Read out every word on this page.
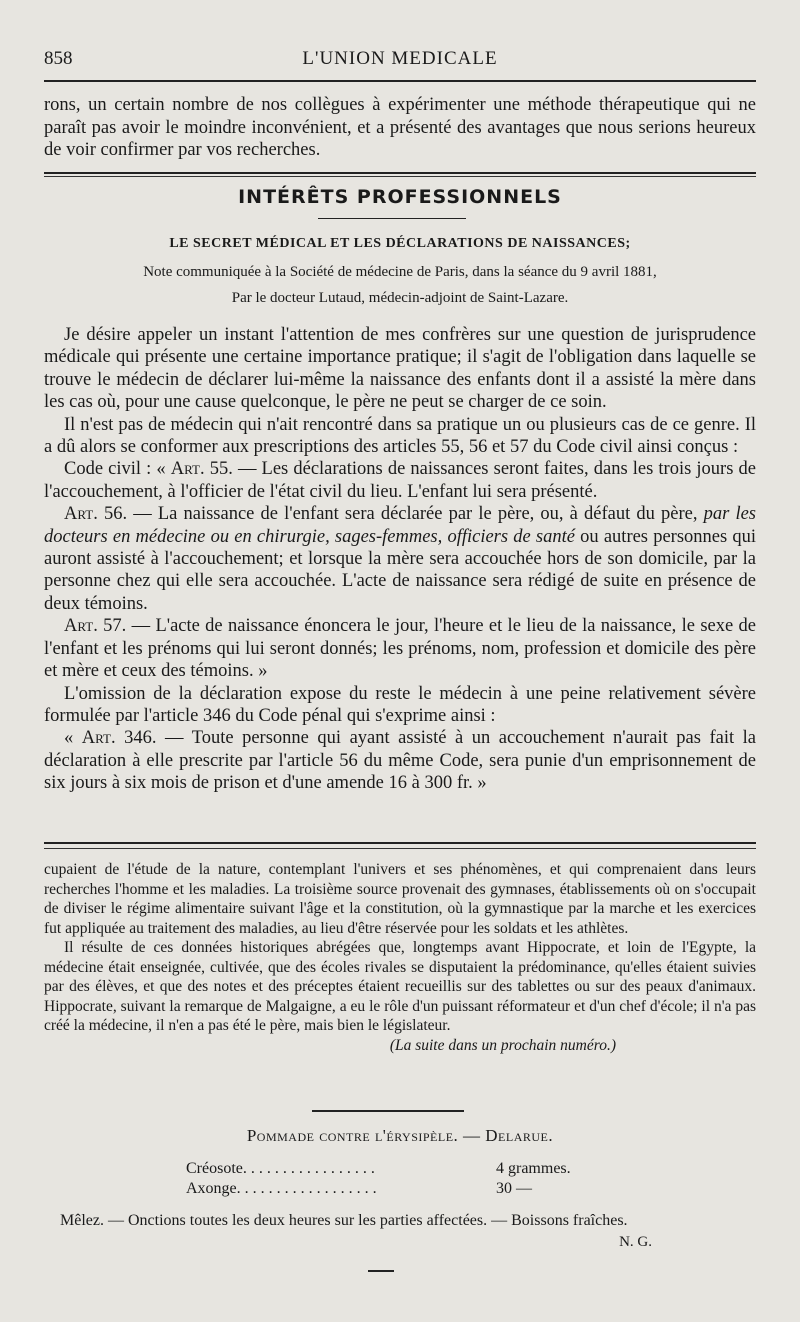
858	L'UNION MEDICALE
rons, un certain nombre de nos collègues à expérimenter une méthode thérapeutique qui ne paraît pas avoir le moindre inconvénient, et a présenté des avantages que nous serions heureux de voir confirmer par vos recherches.
INTÉRÊTS PROFESSIONNELS
LE SECRET MÉDICAL ET LES DÉCLARATIONS DE NAISSANCES;
Note communiquée à la Société de médecine de Paris, dans la séance du 9 avril 1881,
Par le docteur Lutaud, médecin-adjoint de Saint-Lazare.

Je désire appeler un instant l'attention de mes confrères sur une question de jurisprudence médicale qui présente une certaine importance pratique; il s'agit de l'obligation dans laquelle se trouve le médecin de déclarer lui-même la naissance des enfants dont il a assisté la mère dans les cas où, pour une cause quelconque, le père ne peut se charger de ce soin.

Il n'est pas de médecin qui n'ait rencontré dans sa pratique un ou plusieurs cas de ce genre. Il a dû alors se conformer aux prescriptions des articles 55, 56 et 57 du Code civil ainsi conçus :

Code civil : « Art. 55. — Les déclarations de naissances seront faites, dans les trois jours de l'accouchement, à l'officier de l'état civil du lieu. L'enfant lui sera présenté.

Art. 56. — La naissance de l'enfant sera déclarée par le père, ou, à défaut du père, par les docteurs en médecine ou en chirurgie, sages-femmes, officiers de santé ou autres personnes qui auront assisté à l'accouchement; et lorsque la mère sera accouchée hors de son domicile, par la personne chez qui elle sera accouchée. L'acte de naissance sera rédigé de suite en présence de deux témoins.

Art. 57. — L'acte de naissance énoncera le jour, l'heure et le lieu de la naissance, le sexe de l'enfant et les prénoms qui lui seront donnés; les prénoms, nom, profession et domicile des père et mère et ceux des témoins. »

L'omission de la déclaration expose du reste le médecin à une peine relativement sévère formulée par l'article 346 du Code pénal qui s'exprime ainsi :

« Art. 346. — Toute personne qui ayant assisté à un accouchement n'aurait pas fait la déclaration à elle prescrite par l'article 56 du même Code, sera punie d'un emprisonnement de six jours à six mois de prison et d'une amende 16 à 300 fr. »

cupaient de l'étude de la nature, contemplant l'univers et ses phénomènes, et qui comprenaient dans leurs recherches l'homme et les maladies. La troisième source provenait des gymnases, établissements où on s'occupait de diviser le régime alimentaire suivant l'âge et la constitution, où la gymnastique par la marche et les exercices fut appliquée au traitement des maladies, au lieu d'être réservée pour les soldats et les athlètes.

Il résulte de ces données historiques abrégées que, longtemps avant Hippocrate, et loin de l'Egypte, la médecine était enseignée, cultivée, que des écoles rivales se disputaient la prédominance, qu'elles étaient suivies par des élèves, et que des notes et des préceptes étaient recueillis sur des tablettes ou sur des peaux d'animaux. Hippocrate, suivant la remarque de Malgaigne, a eu le rôle d'un puissant réformateur et d'un chef d'école; il n'a pas créé la médecine, il n'en a pas été le père, mais bien le législateur.

(La suite dans un prochain numéro.)
Pommade contre l'érysipèle. — Delarue.
Créosote. . . . . . . . . . . . . . . . .	4 grammes.
Axonge. . . . . . . . . . . . . . . . . .	30 —
Mêlez. — Onctions toutes les deux heures sur les parties affectées. — Boissons fraîches.
N. G.
